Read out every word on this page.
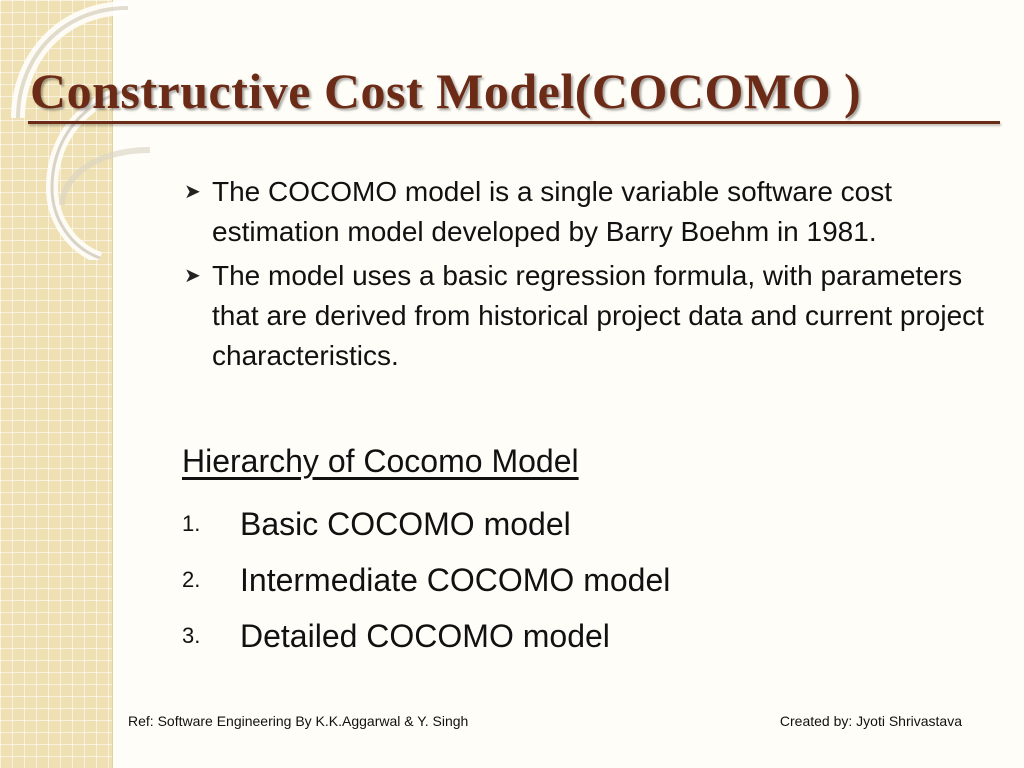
Constructive Cost Model(COCOMO )
➤ The COCOMO model is a single variable software cost estimation model developed by Barry Boehm in 1981.
➤ The model uses a basic regression formula, with parameters that are derived from historical project data and current project characteristics.
Hierarchy of Cocomo Model
1.	Basic COCOMO model
2.	Intermediate COCOMO model
3.	Detailed COCOMO model
Ref: Software Engineering By K.K.Aggarwal & Y. Singh	Created by: Jyoti Shrivastava
